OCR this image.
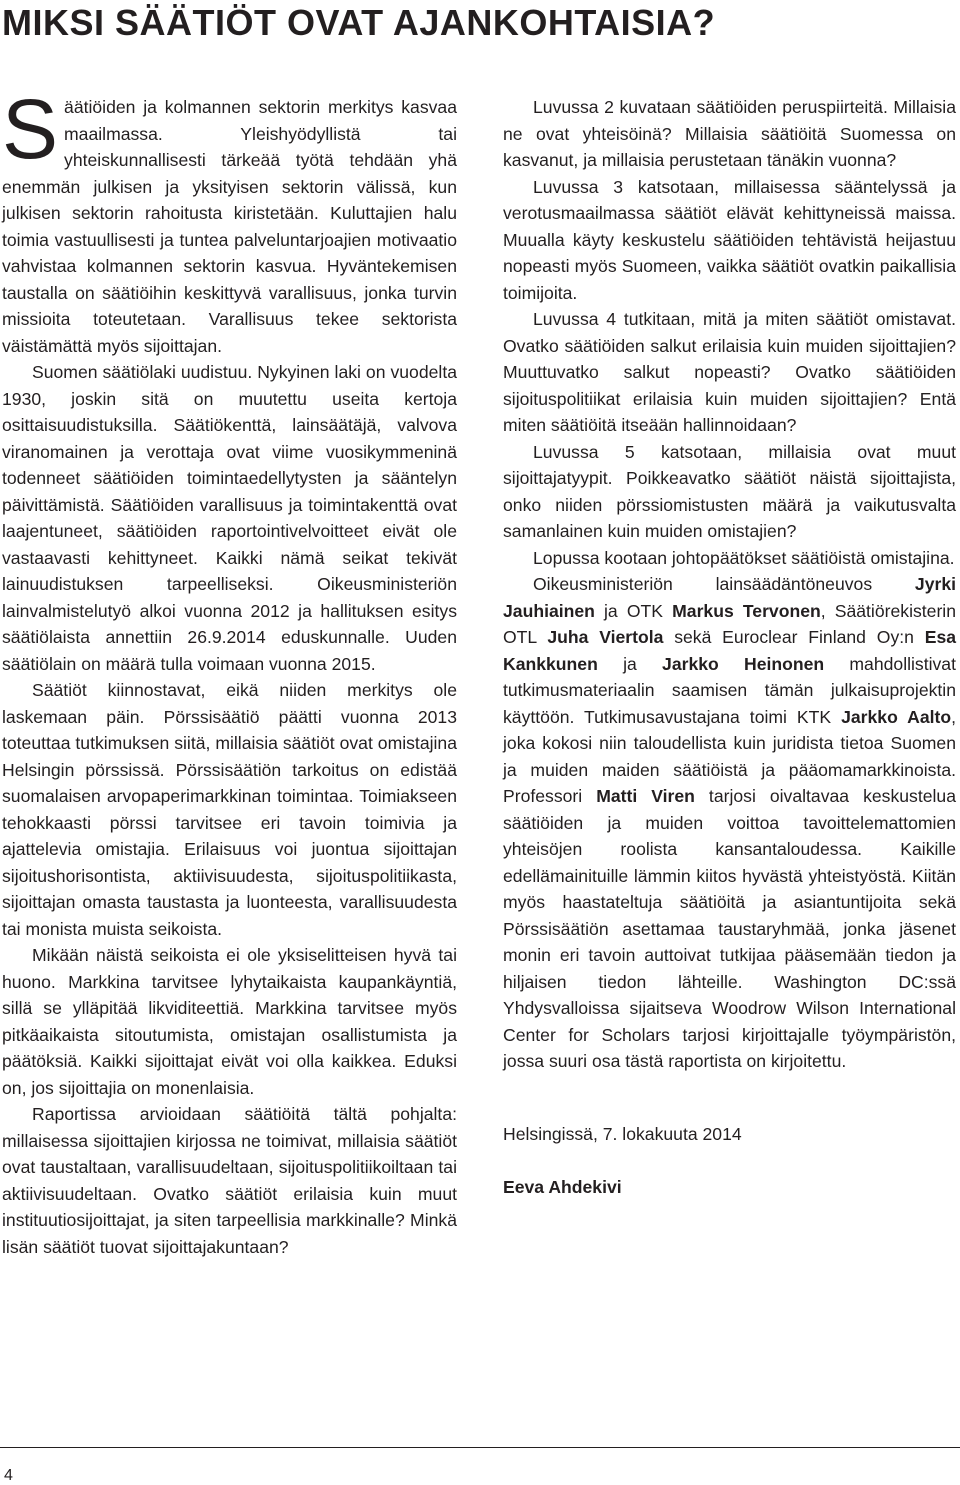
MIKSI SÄÄTIÖT OVAT AJANKOHTAISIA?

Säätiöiden ja kolmannen sektorin merkitys kasvaa maailmassa. Yleishyödyllistä tai yhteiskunnallisesti tärkeää työtä tehdään yhä enemmän julkisen ja yksityisen sektorin välissä, kun julkisen sektorin rahoitusta kiristetään. Kuluttajien halu toimia vastuullisesti ja tuntea palveluntarjoajien motivaatio vahvistaa kolmannen sektorin kasvua. Hyväntekemisen taustalla on säätiöihin keskittyvä varallisuus, jonka turvin missioita toteutetaan. Varallisuus tekee sektorista väistämättä myös sijoittajan.

Suomen säätiölaki uudistuu. Nykyinen laki on vuodelta 1930, joskin sitä on muutettu useita kertoja osittaisuudistuksilla. Säätiökenttä, lainsäätäjä, valvova viranomainen ja verottaja ovat viime vuosikymmeninä todenneet säätiöiden toimintaedellytysten ja sääntelyn päivittämistä. Säätiöiden varallisuus ja toimintakenttä ovat laajentuneet, säätiöiden raportointivelvoitteet eivät ole vastaavasti kehittyneet. Kaikki nämä seikat tekivät lainuudistuksen tarpeelliseksi. Oikeusministeriön lainvalmistelutyö alkoi vuonna 2012 ja hallituksen esitys säätiölaista annettiin 26.9.2014 eduskunnalle. Uuden säätiölain on määrä tulla voimaan vuonna 2015.

Säätiöt kiinnostavat, eikä niiden merkitys ole laskemaan päin. Pörssisäätiö päätti vuonna 2013 toteuttaa tutkimuksen siitä, millaisia säätiöt ovat omistajina Helsingin pörssissä. Pörssisäätiön tarkoitus on edistää suomalaisen arvopaperimarkkinan toimintaa. Toimiakseen tehokkaasti pörssi tarvitsee eri tavoin toimivia ja ajattelevia omistajia. Erilaisuus voi juontua sijoittajan sijoitushorisontista, aktiivisuudesta, sijoituspolitiikasta, sijoittajan omasta taustasta ja luonteesta, varallisuudesta tai monista muista seikoista.

Mikään näistä seikoista ei ole yksiselitteisen hyvä tai huono. Markkina tarvitsee lyhytaikaista kaupankäyntiä, sillä se ylläpitää likviditeettiä. Markkina tarvitsee myös pitkäaikaista sitoutumista, omistajan osallistumista ja päätöksiä. Kaikki sijoittajat eivät voi olla kaikkea. Eduksi on, jos sijoittajia on monenlaisia.

Raportissa arvioidaan säätiöitä tältä pohjalta: millaisessa sijoittajien kirjossa ne toimivat, millaisia säätiöt ovat taustaltaan, varallisuudeltaan, sijoituspolitiikoiltaan tai aktiivisuudeltaan. Ovatko säätiöt erilaisia kuin muut instituutiosijoittajat, ja siten tarpeellisia markkinalle? Minkä lisän säätiöt tuovat sijoittajakuntaan?

Luvussa 2 kuvataan säätiöiden peruspiirteitä. Millaisia ne ovat yhteisöinä? Millaisia säätiöitä Suomessa on kasvanut, ja millaisia perustetaan tänäkin vuonna?

Luvussa 3 katsotaan, millaisessa sääntelyssä ja verotusmaailmassa säätiöt elävät kehittyneissä maissa. Muualla käyty keskustelu säätiöiden tehtävistä heijastuu nopeasti myös Suomeen, vaikka säätiöt ovatkin paikallisia toimijoita.

Luvussa 4 tutkitaan, mitä ja miten säätiöt omistavat. Ovatko säätiöiden salkut erilaisia kuin muiden sijoittajien? Muuttuvatko salkut nopeasti? Ovatko säätiöiden sijoituspolitiikat erilaisia kuin muiden sijoittajien? Entä miten säätiöitä itseään hallinnoidaan?

Luvussa 5 katsotaan, millaisia ovat muut sijoittajatyypit. Poikkeavatko säätiöt näistä sijoittajista, onko niiden pörssiomistusten määrä ja vaikutusvalta samanlainen kuin muiden omistajien?

Lopussa kootaan johtopäätökset säätiöistä omistajina.

Oikeusministeriön lainsäädäntöneuvos Jyrki Jauhiainen ja OTK Markus Tervonen, Säätiörekisterin OTL Juha Viertola sekä Euroclear Finland Oy:n Esa Kankkunen ja Jarkko Heinonen mahdollistivat tutkimusmateriaalin saamisen tämän julkaisuprojektin käyttöön. Tutkimusavustajana toimi KTK Jarkko Aalto, joka kokosi niin taloudellista kuin juridista tietoa Suomen ja muiden maiden säätiöistä ja pääomamarkkinoista. Professori Matti Viren tarjosi oivaltavaa keskustelua säätiöiden ja muiden voittoa tavoittelemattomien yhteisöjen roolista kansantaloudessa. Kaikille edellämainituille lämmin kiitos hyvästä yhteistyöstä. Kiitän myös haastateltuja säätiöitä ja asiantuntijoita sekä Pörssisäätiön asettamaa taustaryhmää, jonka jäsenet monin eri tavoin auttoivat tutkijaa pääsemään tiedon ja hiljaisen tiedon lähteille. Washington DC:ssä Yhdysvalloissa sijaitseva Woodrow Wilson International Center for Scholars tarjosi kirjoittajalle työympäristön, jossa suuri osa tästä raportista on kirjoitettu.

Helsingissä, 7. lokakuuta 2014

Eeva Ahdekivi

4
